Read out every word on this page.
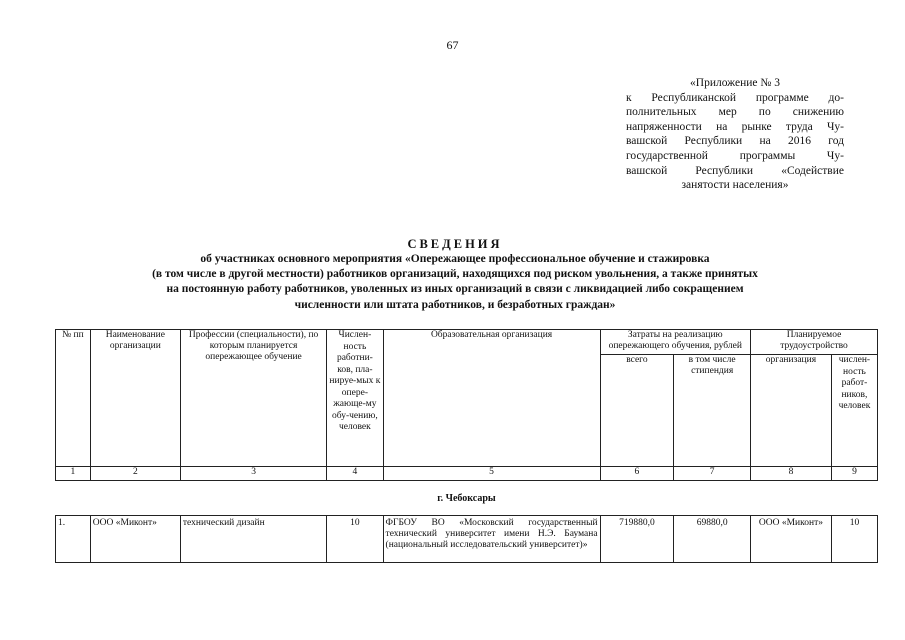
67
«Приложение № 3
к Республиканской программе до-
полнительных мер по снижению
напряженности на рынке труда Чу-
вашской Республики на 2016 год
государственной программы Чу-
вашской Республики «Содействие
занятости населения»
СВЕДЕНИЯ
об участниках основного мероприятия «Опережающее профессиональное обучение и стажировка
(в том числе в другой местности) работников организаций, находящихся под риском увольнения, а также принятых
на постоянную работу работников, уволенных из иных организаций в связи с ликвидацией либо сокращением
численности или штата работников, и безработных граждан»
№ пп	Наименование организации	Профессии (специальности), по которым планируется опережающее обучение	Числен-ность работни-ков, пла-нируе-мых к опере-жающе-му обу-чению, человек	Образовательная организация	Затраты на реализацию опережающего обучения, рублей		Планируемое трудоустройство	
					всего	в том числе стипендия	организация	числен-ность работ-ников, человек
1	2	3	4	5	6	7	8	9
г. Чебоксары								
1.	ООО «Миконт»	технический дизайн	10	ФГБОУ ВО «Московский государственный технический университет имени Н.Э. Баумана (национальный исследовательский университет)»	719880,0	69880,0	ООО «Миконт»	10
